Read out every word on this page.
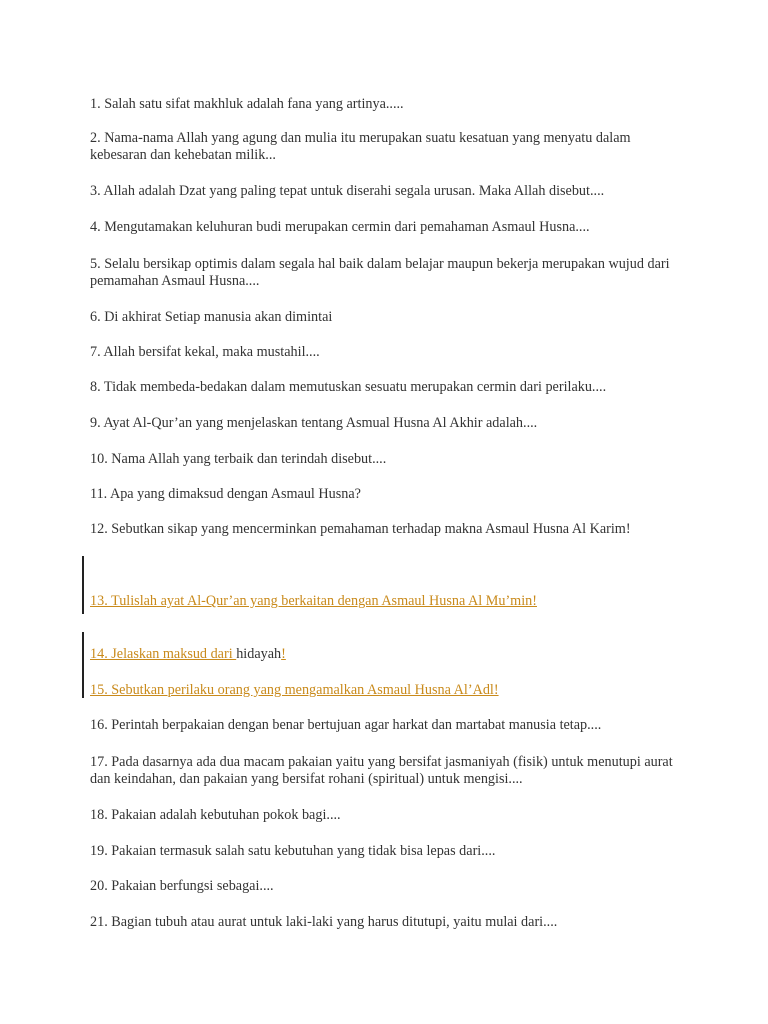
1. Salah satu sifat makhluk adalah fana yang artinya.....

2. Nama-nama Allah yang agung dan mulia itu merupakan suatu kesatuan yang menyatu dalam kebesaran dan kehebatan milik...

3. Allah adalah Dzat yang paling tepat untuk diserahi segala urusan. Maka Allah disebut....

4. Mengutamakan keluhuran budi merupakan cermin dari pemahaman Asmaul Husna....

5. Selalu bersikap optimis dalam segala hal baik dalam belajar maupun bekerja merupakan wujud dari pemamahan Asmaul Husna....

6. Di akhirat Setiap manusia akan dimintai

7. Allah bersifat kekal, maka mustahil....

8. Tidak membeda-bedakan dalam memutuskan sesuatu merupakan cermin dari perilaku....

9. Ayat Al-Qur’an yang menjelaskan tentang Asmual Husna Al Akhir adalah....

10. Nama Allah yang terbaik dan terindah disebut....

11. Apa yang dimaksud dengan Asmaul Husna?

12. Sebutkan sikap yang mencerminkan pemahaman terhadap makna Asmaul Husna Al Karim!

13. Tulislah ayat Al-Qur’an yang berkaitan dengan Asmaul Husna Al Mu’min!

14. Jelaskan maksud dari hidayah!

15. Sebutkan perilaku orang yang mengamalkan Asmaul Husna Al’Adl!

16. Perintah berpakaian dengan benar bertujuan agar harkat dan martabat manusia tetap....

17. Pada dasarnya ada dua macam pakaian yaitu yang bersifat jasmaniyah (fisik) untuk menutupi aurat dan keindahan, dan pakaian yang bersifat rohani (spiritual) untuk mengisi....

18. Pakaian adalah kebutuhan pokok bagi....

19. Pakaian termasuk salah satu kebutuhan yang tidak bisa lepas dari....

20. Pakaian berfungsi sebagai....

21. Bagian tubuh atau aurat untuk laki-laki yang harus ditutupi, yaitu mulai dari....
